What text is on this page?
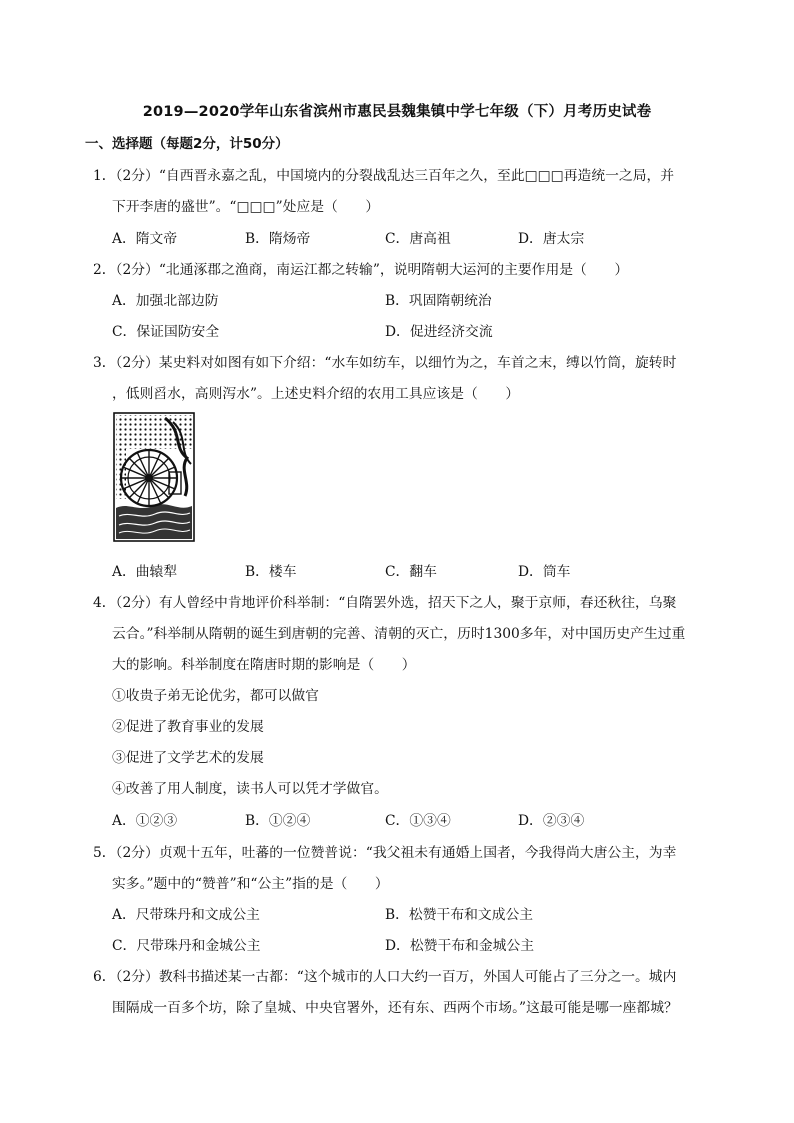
2019—2020学年山东省滨州市惠民县魏集镇中学七年级（下）月考历史试卷
一、选择题（每题2分，计50分）
1．（2分）“自西晋永嘉之乱，中国境内的分裂战乱达三百年之久，至此□□□再造统一之局，并
下开李唐的盛世”。“□□□”处应是（　　）
A．隋文帝	B．隋炀帝	C．唐高祖	D．唐太宗
2．（2分）“北通涿郡之渔商，南运江都之转输”，说明隋朝大运河的主要作用是（　　）
A．加强北部边防	B．巩固隋朝统治
C．保证国防安全	D．促进经济交流
3．（2分）某史料对如图有如下介绍：“水车如纺车，以细竹为之，车首之末，缚以竹筒，旋转时
，低则舀水，高则泻水”。上述史料介绍的农用工具应该是（　　）
A．曲辕犁	B．楼车	C．翻车	D．筒车
4．（2分）有人曾经中肯地评价科举制：“自隋罢外选，招天下之人，聚于京师，春还秋往，乌聚
云合。”科举制从隋朝的诞生到唐朝的完善、清朝的灭亡，历时1300多年，对中国历史产生过重
大的影响。科举制度在隋唐时期的影响是（　　）
①收贵子弟无论优劣，都可以做官
②促进了教育事业的发展
③促进了文学艺术的发展
④改善了用人制度，读书人可以凭才学做官。
A．①②③	B．①②④	C．①③④	D．②③④
5．（2分）贞观十五年，吐蕃的一位赞普说：“我父祖未有通婚上国者，今我得尚大唐公主，为幸
实多。”题中的“赞普”和“公主”指的是（　　）
A．尺带珠丹和文成公主	B．松赞干布和文成公主
C．尺带珠丹和金城公主	D．松赞干布和金城公主
6．（2分）教科书描述某一古都：“这个城市的人口大约一百万，外国人可能占了三分之一。城内
围隔成一百多个坊，除了皇城、中央官署外，还有东、西两个市场。”这最可能是哪一座都城？
